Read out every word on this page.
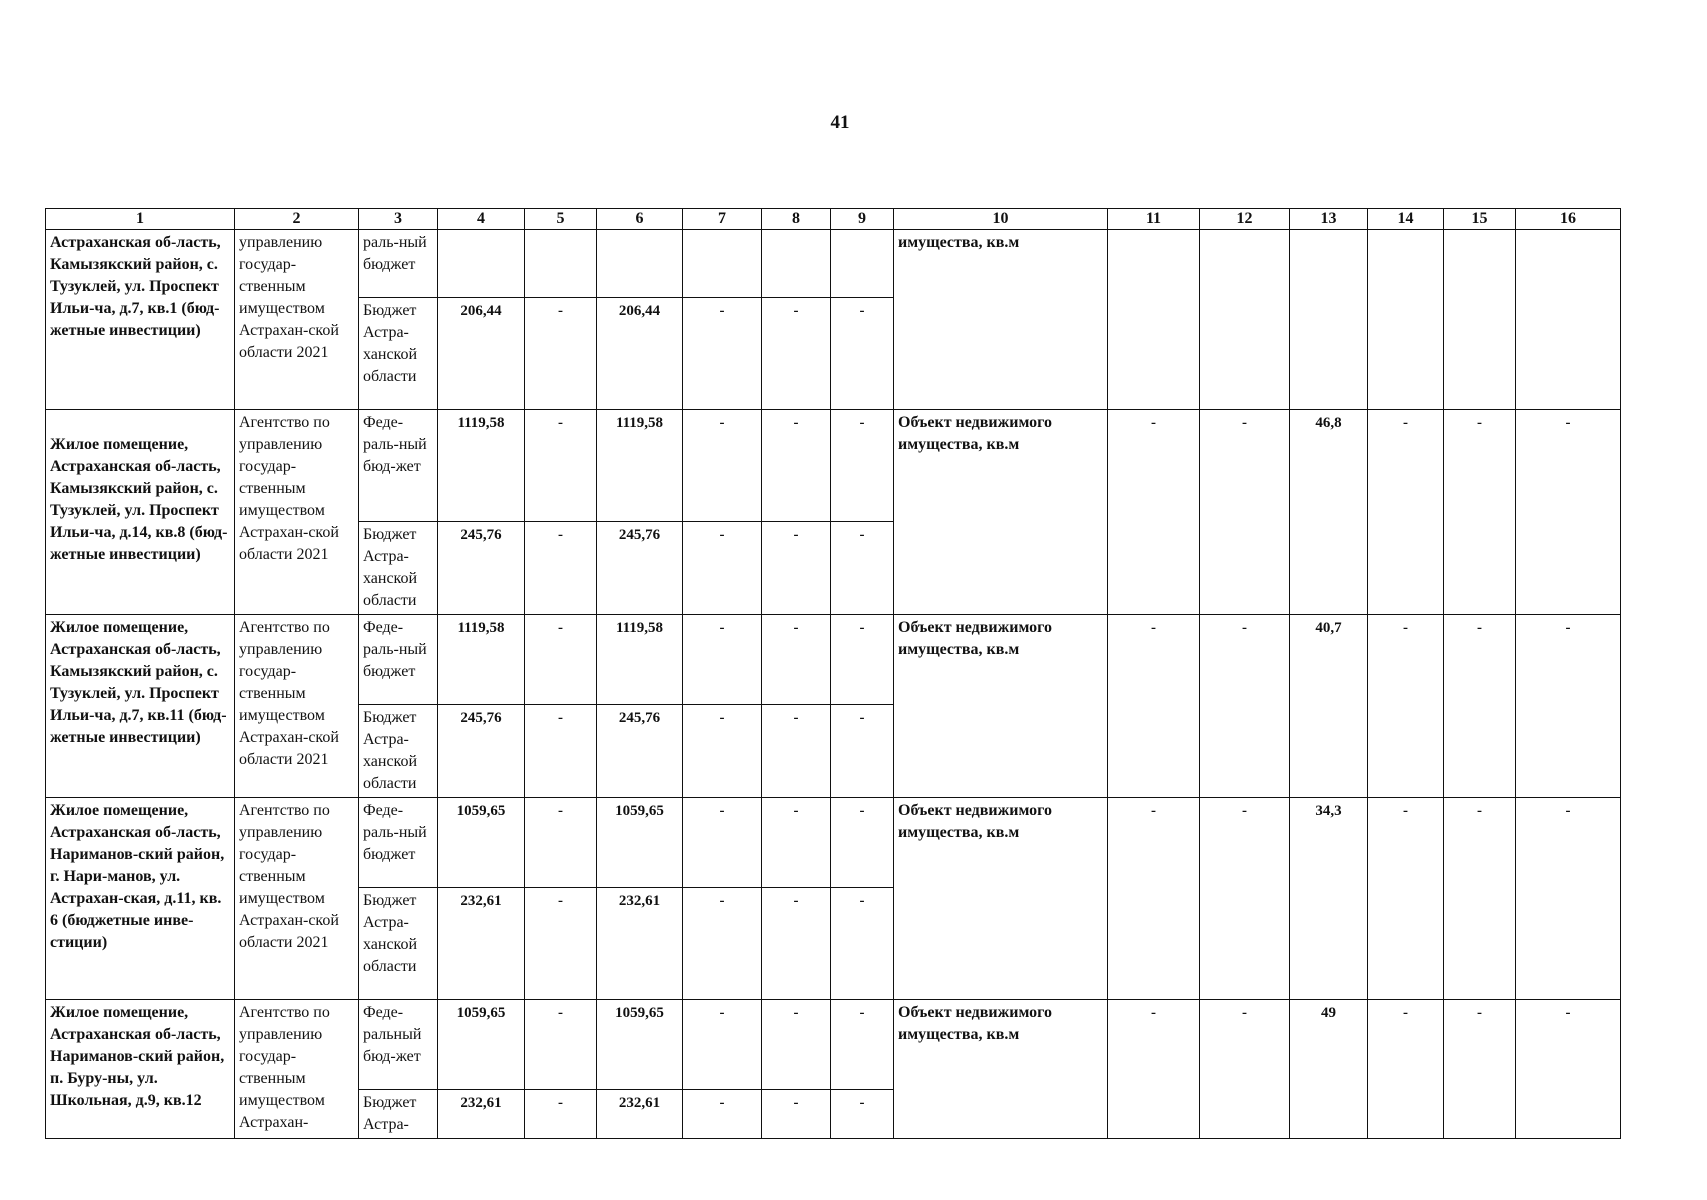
41
1	2	3	4	5	6	7	8	9	10	11	12	13	14	15	16
Астраханская об-ласть, Камызякский район, с. Тузуклей, ул. Проспект Ильи-ча, д.7, кв.1 (бюд-жетные инвестиции)	управлению государ-ственным имуществом Астрахан-ской области 2021	раль-ный бюджет							имущества, кв.м						
		Бюджет Астра-ханской области	206,44	-	206,44	-	-	-							
Жилое помещение, Астраханская об-ласть, Камызякский район, с. Тузуклей, ул. Проспект Ильи-ча, д.14, кв.8 (бюд-жетные инвестиции)	Агентство по управлению государ-ственным имуществом Астрахан-ской области 2021	Феде-раль-ный бюд-жет	1119,58	-	1119,58	-	-	-	Объект недвижимого имущества, кв.м	-	-	46,8	-	-	-
		Бюджет Астра-ханской области	245,76	-	245,76	-	-	-							
Жилое помещение, Астраханская об-ласть, Камызякский район, с. Тузуклей, ул. Проспект Ильи-ча, д.7, кв.11 (бюд-жетные инвестиции)	Агентство по управлению государ-ственным имуществом Астрахан-ской области 2021	Феде-раль-ный бюджет	1119,58	-	1119,58	-	-	-	Объект недвижимого имущества, кв.м	-	-	40,7	-	-	-
		Бюджет Астра-ханской области	245,76	-	245,76	-	-	-							
Жилое помещение, Астраханская об-ласть, Нариманов-ский район, г. Нари-манов, ул. Астрахан-ская, д.11, кв. 6 (бюджетные инве-стиции)	Агентство по управлению государ-ственным имуществом Астрахан-ской области 2021	Феде-раль-ный бюджет	1059,65	-	1059,65	-	-	-	Объект недвижимого имущества, кв.м	-	-	34,3	-	-	-
		Бюджет Астра-ханской области	232,61	-	232,61	-	-	-							
Жилое помещение, Астраханская об-ласть, Нариманов-ский район, п. Буру-ны, ул. Школьная, д.9, кв.12	Агентство по управлению государ-ственным имуществом Астрахан-	Феде-ральный бюд-жет	1059,65	-	1059,65	-	-	-	Объект недвижимого имущества, кв.м	-	-	49	-	-	-
		Бюджет Астра-	232,61	-	232,61	-	-	-							
